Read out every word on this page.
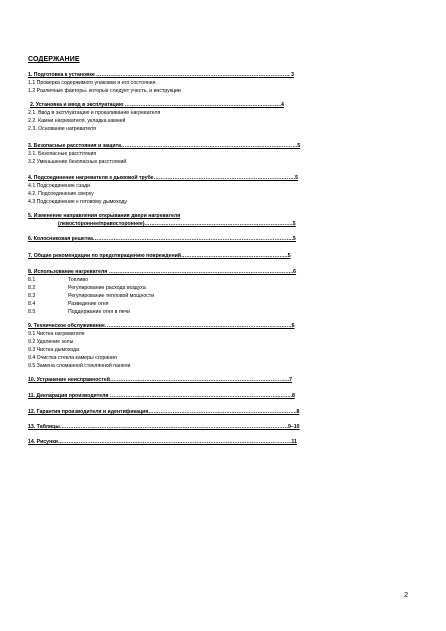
СОДЕРЖАНИЕ
1. Подготовка к установке ………………………………………………………………………….……………………… 3
1.1 Проверка содержимого упаковки и его состояния
1.2 Различные факторы, которые следует учесть, и инструкции
2. Установка и ввод в эксплуатацию ……………………………………………………….…….………………..4
2.1. Ввод в эксплуатацию и прокаливание нагревателя
2.2. Камни нагревателя, укладка камней
2.3. Основание нагревателя
3. Безопасные расстояния и защита…………………………………………………………………………………………5
3.1. Безопасные расстояния
3.2 Уменьшение безопасных расстояний
4. Подсоединение нагревателя к дымовой трубе……………………………………………………………………….5
4.1 Подсоединение сзади
4.2. Подсоединение сверху
4.3 Подсоединение к готовому дымоходу
5. Изменение направления открывания двери нагревателя
(левостороннее/правостороннее)…………………………………………………………………………..5
6. Колосниковая решетка……………………………………………………………………………………………………..5
7. Общие рекомендации по предотвращению повреждений……………………………………………………..5
8. Использование нагревателя ……………………………………………………………………………………………..6
8.1	Топливо
8.2	Регулирование расхода воздуха
8.3	Регулирование тепловой мощности
8.4	Разведение огня
8.5	Поддержание огня в печи
9. Техническое обслуживание………………………………………………………………………………………………6
9.1 Чистка нагревателя
9.2 Удаление золы
9.3 Чистка дымохода
9.4 Очистка стекла камеры сгорания
9.5 Замена сломанной стеклянной панели
10. Устранение неисправностей…………………………………………………………………………………………..7
11. Декларация производителя ……………………………………………………………………………………..……..8
12. Гарантия производителя и идентификация…………………………………………………………………………..8
13. Таблицы……………………………………………………………………………………………………………………9–10
14. Рисунки………………………………………………………………………………………………………………………11
2
